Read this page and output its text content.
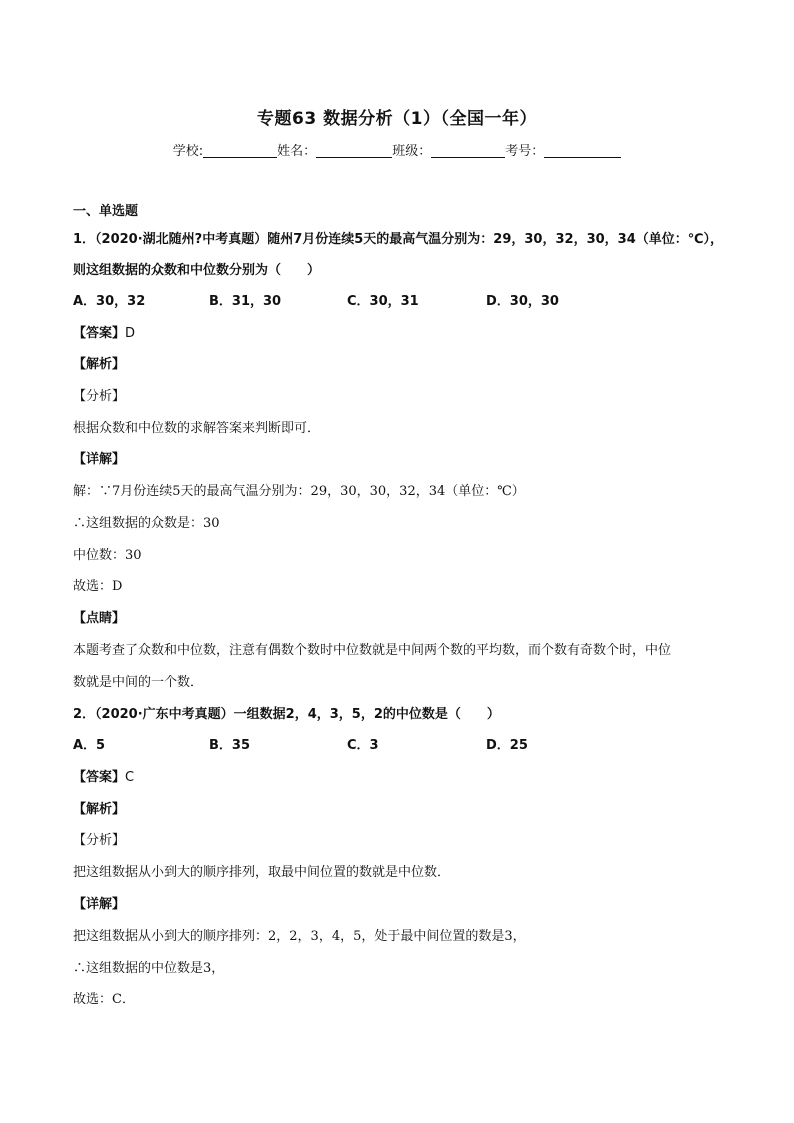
专题63 数据分析（1）（全国一年）
学校:	姓名：	班级：	考号：
一、单选题
1．（2020·湖北随州?中考真题）随州7月份连续5天的最高气温分别为：29，30，32，30，34（单位：℃），
则这组数据的众数和中位数分别为（　　）
A．30，32	B．31，30	C．30，31	D．30，30
【答案】D
【解析】
【分析】
根据众数和中位数的求解答案来判断即可．
【详解】
解：∵7月份连续5天的最高气温分别为：29，30，30，32，34（单位：℃）
∴这组数据的众数是：30
中位数：30
故选：D
【点睛】
本题考查了众数和中位数，注意有偶数个数时中位数就是中间两个数的平均数，而个数有奇数个时，中位
数就是中间的一个数．
2．（2020·广东中考真题）一组数据2，4，3，5，2的中位数是（　　）
A．5	B．35	C．3	D．25
【答案】C
【解析】
【分析】
把这组数据从小到大的顺序排列，取最中间位置的数就是中位数．
【详解】
把这组数据从小到大的顺序排列：2，2，3，4，5，处于最中间位置的数是3，
∴这组数据的中位数是3，
故选：C．
